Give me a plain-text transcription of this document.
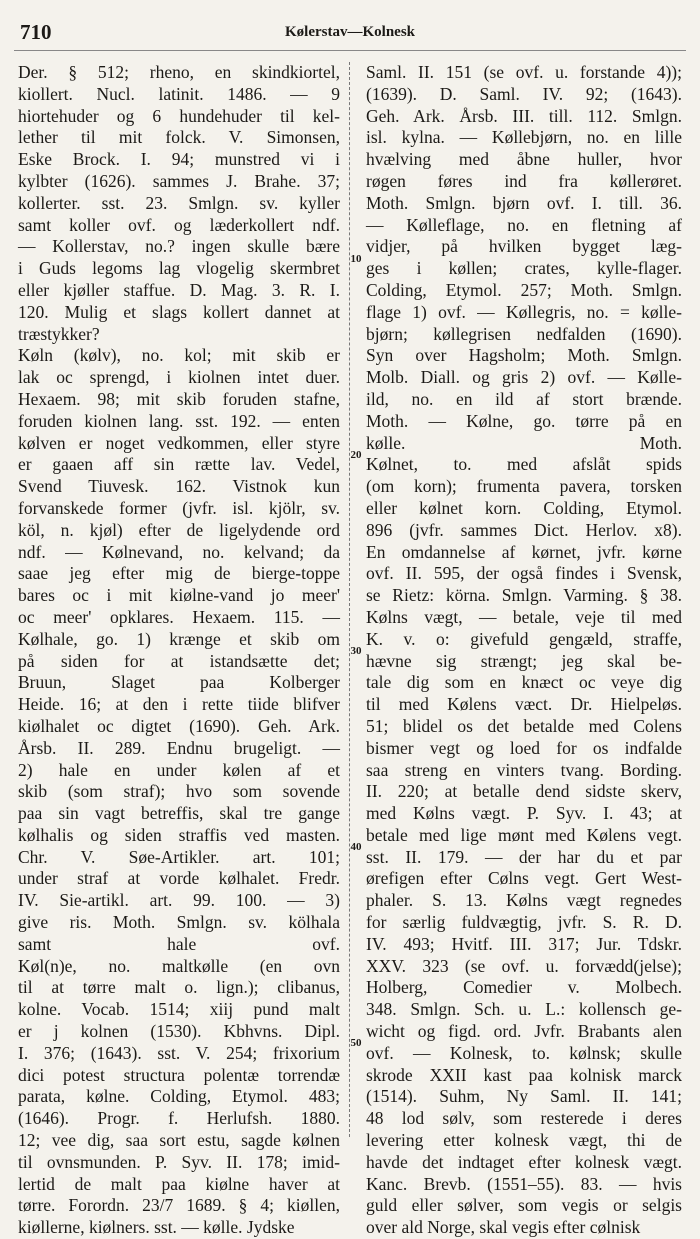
710	Kølerstav—Kolnesk
Der. § 512; rheno, en skindkiortel,
kiollert. Nucl. latinit. 1486. — 9
hiortehuder og 6 hundehuder til kel-
lether til mit folck. V. Simonsen,
Eske Brock. I. 94; munstred vi i
kylbter (1626). sammes J. Brahe. 37;
kollerter. sst. 23. Smlgn. sv. kyller
samt koller ovf. og læderkollert ndf.
— Kollerstav, no.? ingen skulle bære
i Guds legoms lag vlogelig skermbret
eller kjøller staffue. D. Mag. 3. R. I.
120. Mulig et slags kollert dannet at
træstykker?
Køln (kølv), no. kol; mit skib er
lak oc sprengd, i kiolnen intet duer.
Hexaem. 98; mit skib foruden stafne,
foruden kiolnen lang. sst. 192. — enten
kølven er noget vedkommen, eller styre
er gaaen aff sin rætte lav. Vedel,
Svend Tiuvesk. 162. Vistnok kun
forvanskede former (jvfr. isl. kjölr, sv.
köl, n. kjøl) efter de ligelydende ord
ndf. — Kølnevand, no. kelvand; da
saae jeg efter mig de bierge-toppe
bares oc i mit kiølne-vand jo meer'
oc meer' opklares. Hexaem. 115. —
Kølhale, go. 1) krænge et skib om
på siden for at istandsætte det;
Bruun, Slaget paa Kolberger
Heide. 16; at den i rette tiide blifver
kiølhalet oc digtet (1690). Geh. Ark.
Årsb. II. 289. Endnu brugeligt. —
2) hale en under kølen af et
skib (som straf); hvo som sovende
paa sin vagt betreffis, skal tre gange
kølhalis og siden straffis ved masten.
Chr. V. Søe-Artikler. art. 101;
under straf at vorde kølhalet. Fredr.
IV. Sie-artikl. art. 99. 100. — 3)
give ris. Moth. Smlgn. sv. kölhala
samt hale ovf.
Køl(n)e, no. maltkølle (en ovn
til at tørre malt o. lign.); clibanus,
kolne. Vocab. 1514; xiij pund malt
er j kolnen (1530). Kbhvns. Dipl.
I. 376; (1643). sst. V. 254; frixorium
dici potest structura polentæ torrendæ
parata, kølne. Colding, Etymol. 483;
(1646). Progr. f. Herlufsh. 1880.
12; vee dig, saa sort estu, sagde kølnen
til ovnsmunden. P. Syv. II. 178; imid-
lertid de malt paa kiølne haver at
tørre. Forordn. 23/7 1689. § 4; kiøllen,
kiøllerne, kiølners. sst. — kølle. Jydske
Saml. II. 151 (se ovf. u. forstande 4));
(1639). D. Saml. IV. 92; (1643).
Geh. Ark. Årsb. III. till. 112. Smlgn.
isl. kylna. — Køllebjørn, no. en lille
hvælving med åbne huller, hvor
røgen føres ind fra køllerøret.
Moth. Smlgn. bjørn ovf. I. till. 36.
— Kølleflage, no. en fletning af
vidjer, på hvilken bygget læg-
ges i køllen; crates, kylle-flager.
Colding, Etymol. 257; Moth. Smlgn.
flage 1) ovf. — Køllegris, no. = kølle-
bjørn; køllegrisen nedfalden (1690).
Syn over Hagsholm; Moth. Smlgn.
Molb. Diall. og gris 2) ovf. — Kølle-
ild, no. en ild af stort brænde.
Moth. — Kølne, go. tørre på en
kølle. Moth.
Kølnet, to. med afslåt spids
(om korn); frumenta pavera, torsken
eller kølnet korn. Colding, Etymol.
896 (jvfr. sammes Dict. Herlov. x8).
En omdannelse af kørnet, jvfr. kørne
ovf. II. 595, der også findes i Svensk,
se Rietz: körna. Smlgn. Varming. § 38.
Kølns vægt, — betale, veje til med
K. v. o: givefuld gengæld, straffe,
hævne sig strængt; jeg skal be-
tale dig som en knæct oc veye dig
til med Kølens væct. Dr. Hielpeløs.
51; blidel os det betalde med Colens
bismer vegt og loed for os indfalde
saa streng en vinters tvang. Bording.
II. 220; at betalle dend sidste skerv,
med Kølns vægt. P. Syv. I. 43; at
betale med lige mønt med Kølens vegt.
sst. II. 179. — der har du et par
ørefigen efter Cølns vegt. Gert West-
phaler. S. 13. Kølns vægt regnedes
for særlig fuldvægtig, jvfr. S. R. D.
IV. 493; Hvitf. III. 317; Jur. Tdskr.
XXV. 323 (se ovf. u. forvædd(jelse);
Holberg, Comedier v. Molbech.
348. Smlgn. Sch. u. L.: kollensch ge-
wicht og figd. ord. Jvfr. Brabants alen
ovf. — Kolnesk, to. kølnsk; skulle
skrode XXII kast paa kolnisk marck
(1514). Suhm, Ny Saml. II. 141;
48 lod sølv, som resterede i deres
levering etter kolnesk vægt, thi de
havde det indtaget efter kolnesk vægt.
Kanc. Brevb. (1551–55). 83. — hvis
guld eller sølver, som vegis or selgis
over ald Norge, skal vegis efter cølnisk
10
20
30
40
50
